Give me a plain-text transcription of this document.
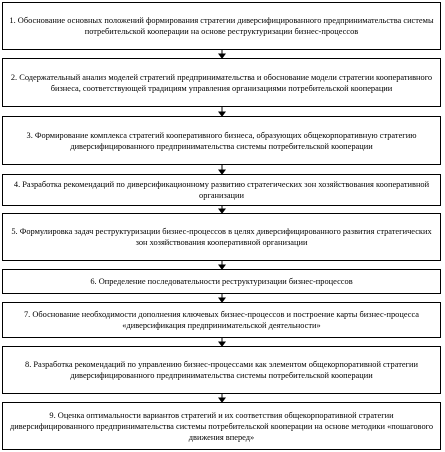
1. Обоснование основных положений формирования стратегии диверсифицированного предпринимательства системы потребительской кооперации на основе реструктуризации бизнес-процессов
2. Содержательный анализ моделей стратегий предпринимательства и обоснование модели стратегии кооперативного бизнеса, соответствующей традициям управления организациями потребительской кооперации
3. Формирование комплекса стратегий кооперативного бизнеса, образующих общекорпоративную стратегию диверсифицированного предпринимательства системы потребительской кооперации
4. Разработка рекомендаций по диверсификационному развитию стратегических зон хозяйствования кооперативной организации
5. Формулировка задач реструктуризации бизнес-процессов в целях диверсифицированного развития стратегических зон хозяйствования кооперативной организации
6. Определение последовательности реструктуризации бизнес-процессов
7. Обоснование необходимости дополнения ключевых бизнес-процессов и построение карты бизнес-процесса «диверсификация предпринимательской деятельности»
8. Разработка рекомендаций по управлению бизнес-процессами как элементом общекорпоративной стратегии диверсифицированного предпринимательства системы потребительской кооперации
9. Оценка оптимальности вариантов стратегий и их соответствия общекорпоративной стратегии диверсифицированного предпринимательства системы потребительской кооперации на основе методики «пошагового движения вперед»
